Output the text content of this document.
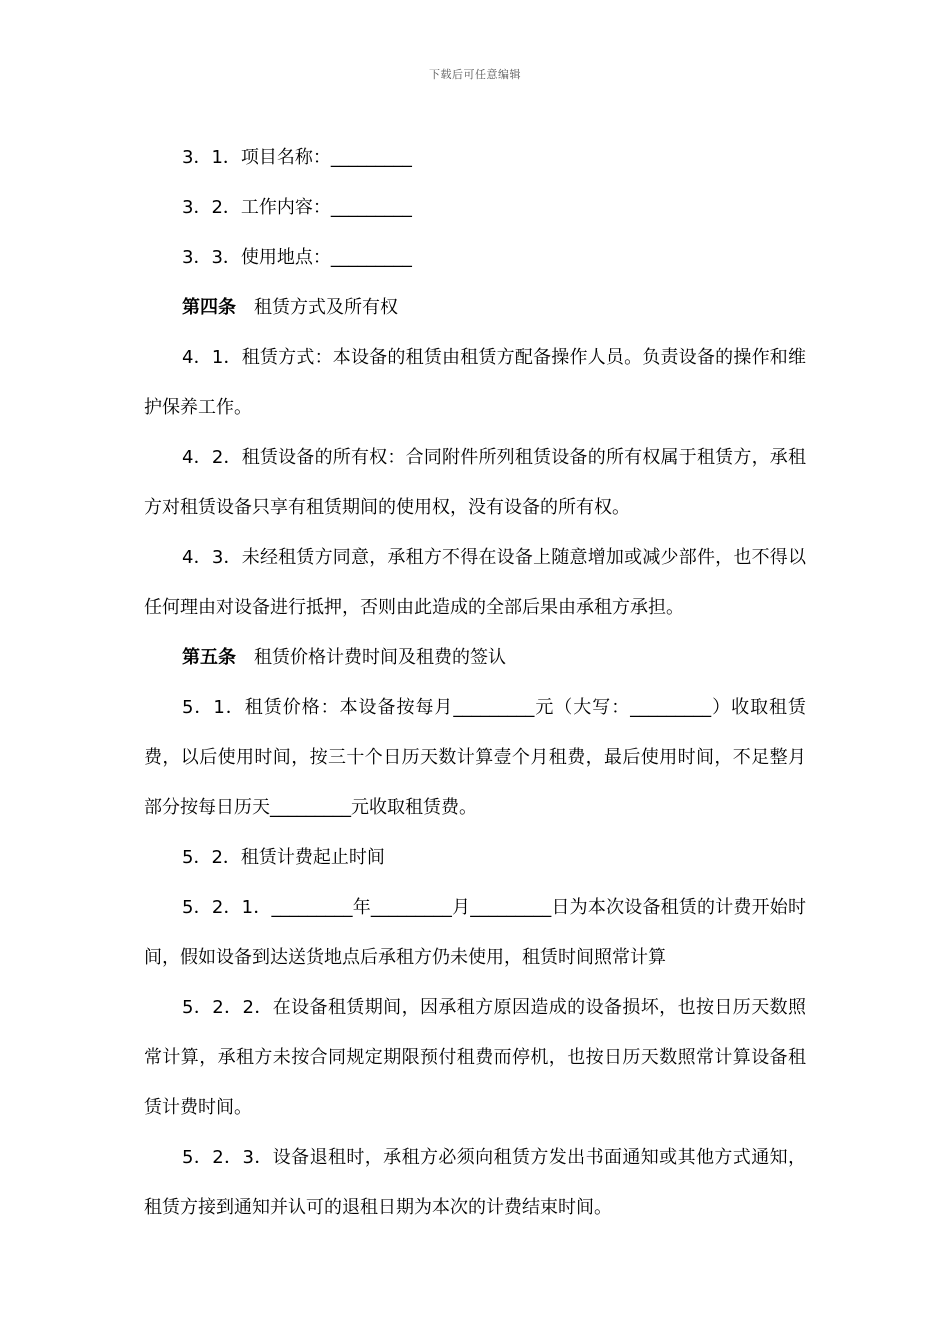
下载后可任意编辑

3．1．项目名称：_________

3．2．工作内容：_________

3．3．使用地点：_________

第四条　 租赁方式及所有权

4．1．租赁方式：本设备的租赁由租赁方配备操作人员。负责设备的操作和维护保养工作。

4．2．租赁设备的所有权：合同附件所列租赁设备的所有权属于租赁方，承租方对租赁设备只享有租赁期间的使用权，没有设备的所有权。

4．3．未经租赁方同意，承租方不得在设备上随意增加或减少部件，也不得以任何理由对设备进行抵押，否则由此造成的全部后果由承租方承担。

第五条　 租赁价格计费时间及租费的签认

5．1．租赁价格：本设备按每月_________元（大写：_________）收取租赁费，以后使用时间，按三十个日历天数计算壹个月租费，最后使用时间，不足整月部分按每日历天_________元收取租赁费。

5．2．租赁计费起止时间

5．2．1．_________年_________月_________日为本次设备租赁的计费开始时间，假如设备到达送货地点后承租方仍未使用，租赁时间照常计算

5．2．2．在设备租赁期间，因承租方原因造成的设备损坏，也按日历天数照常计算，承租方未按合同规定期限预付租费而停机，也按日历天数照常计算设备租赁计费时间。

5．2．3．设备退租时，承租方必须向租赁方发出书面通知或其他方式通知，租赁方接到通知并认可的退租日期为本次的计费结束时间。
